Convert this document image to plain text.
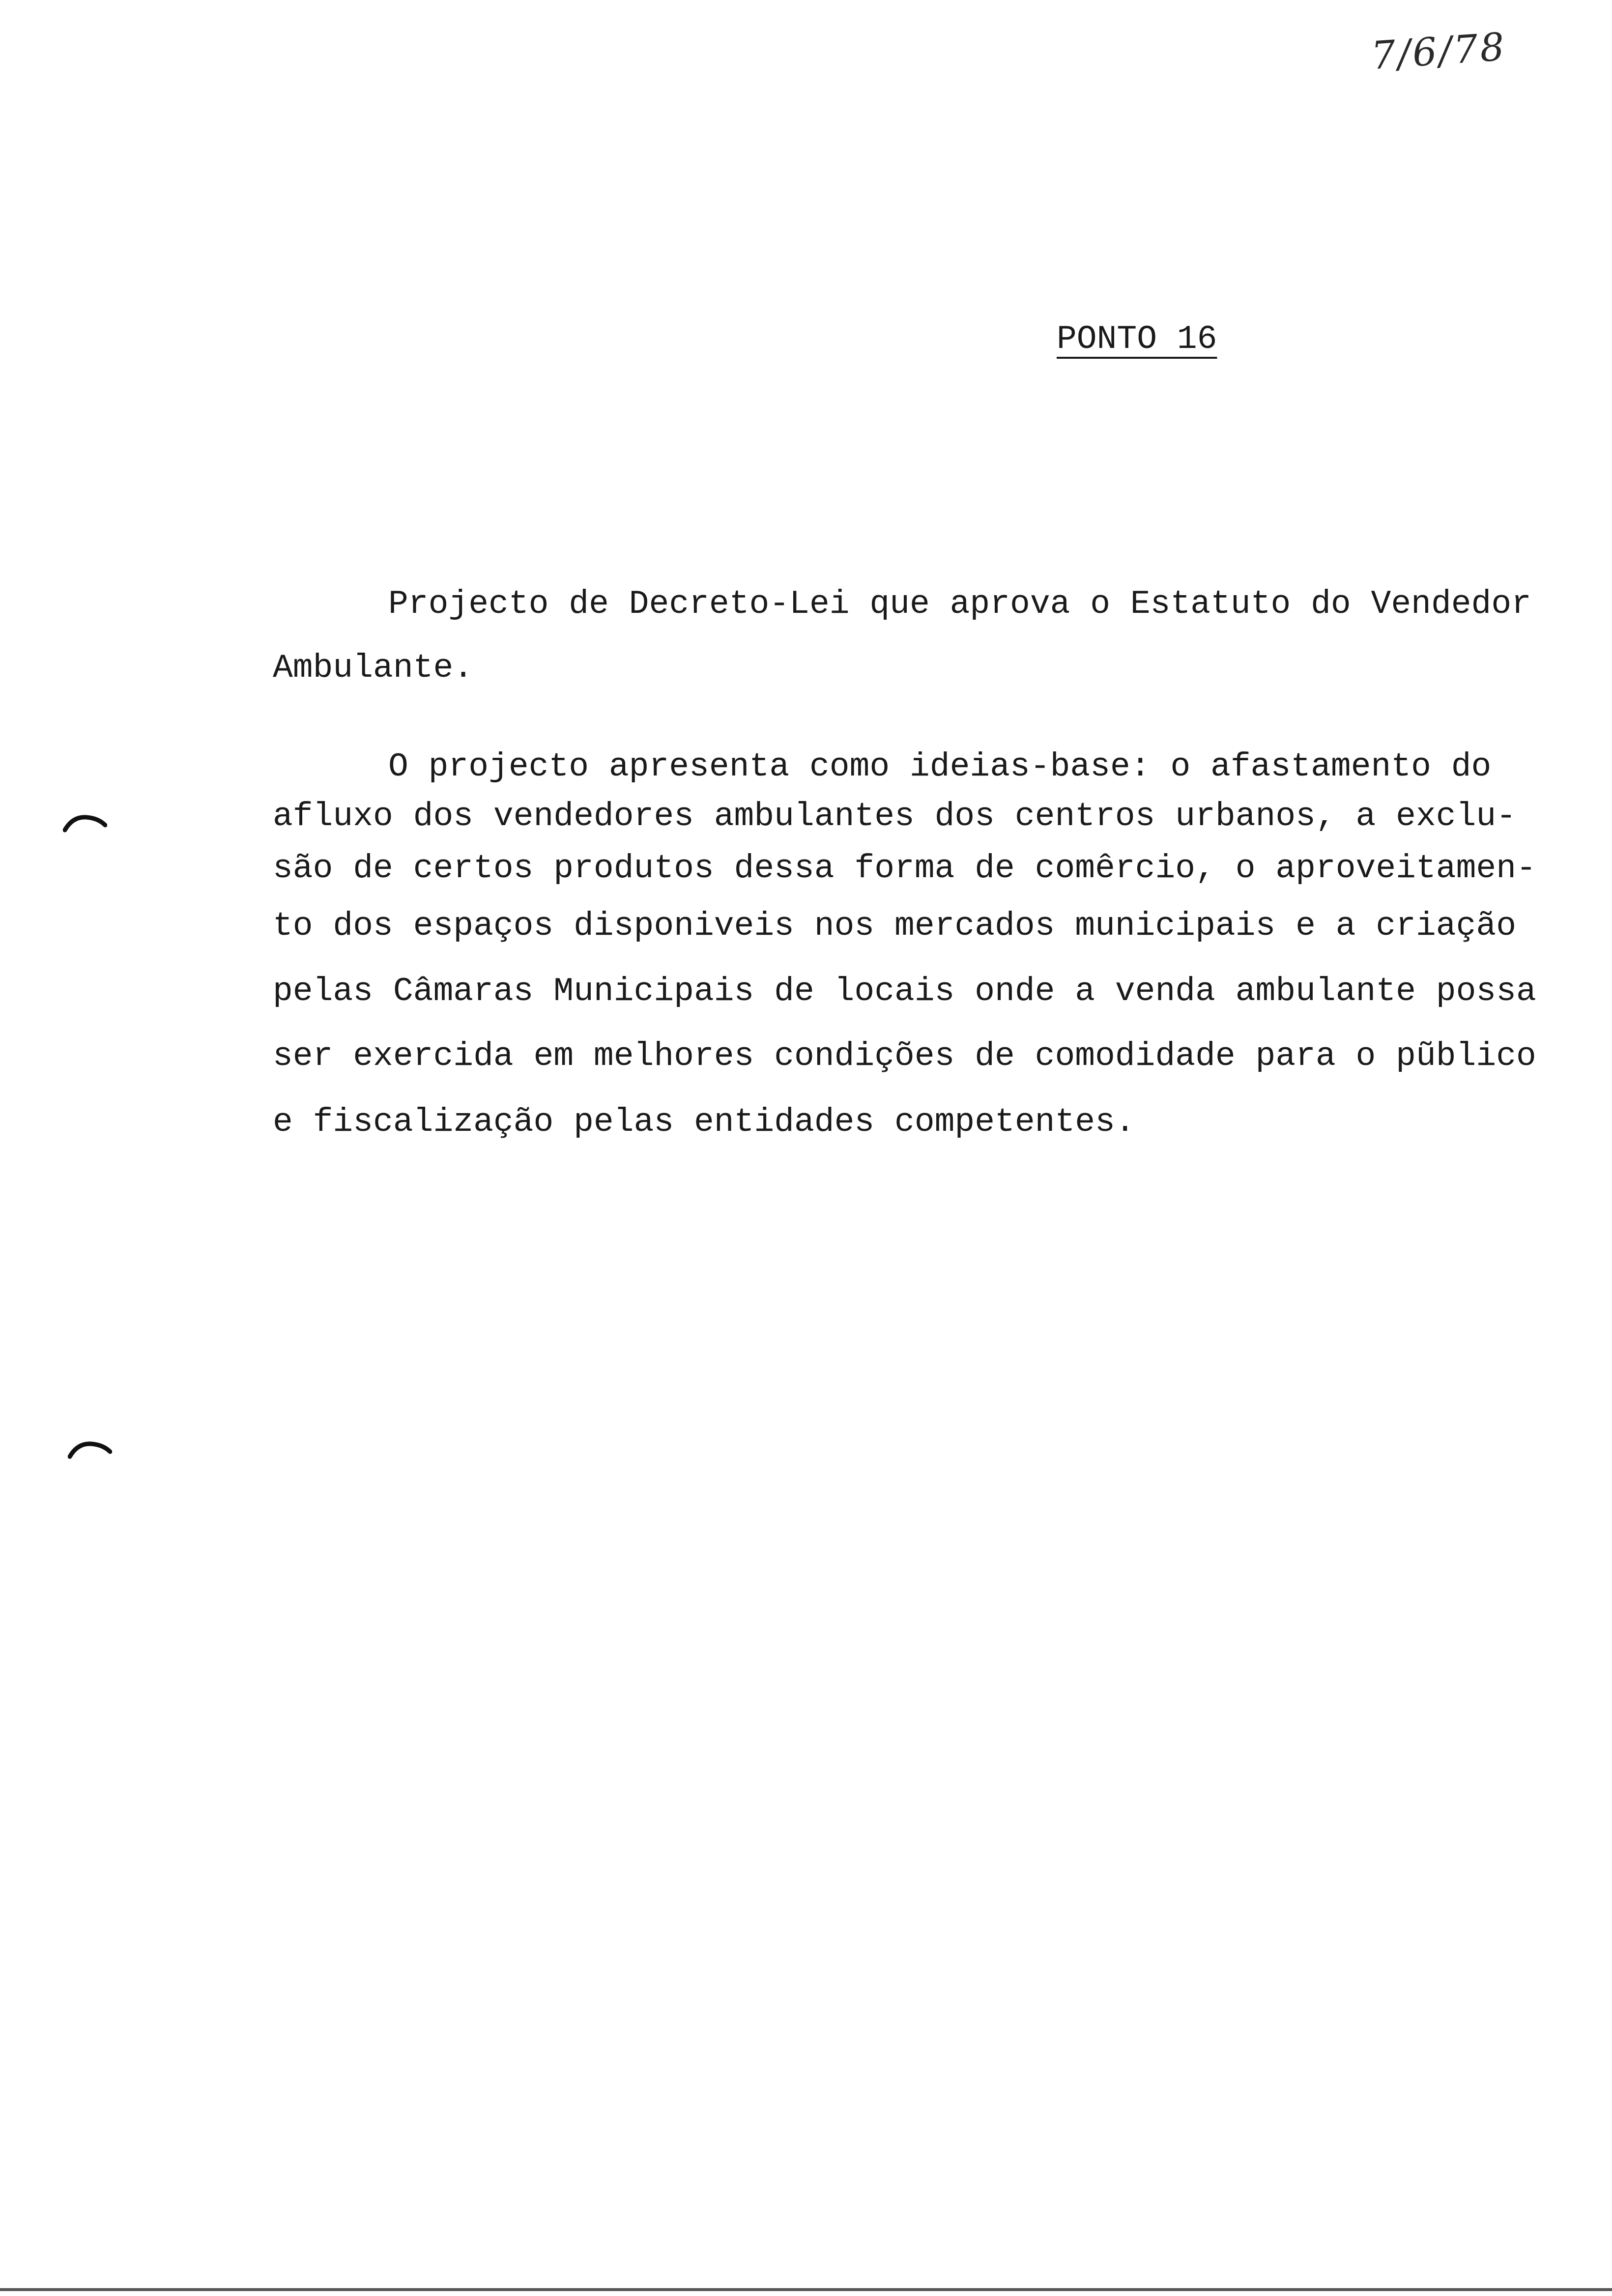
7/6/78
PONTO 16
Projecto de Decreto-Lei que aprova o Estatuto do Vendedor
Ambulante.
O projecto apresenta como ideias-base: o afastamento do
afluxo dos vendedores ambulantes dos centros urbanos, a exclu-
são de certos produtos dessa forma de comêrcio, o aproveitamen-
to dos espaços disponiveis nos mercados municipais e a criação
pelas Câmaras Municipais de locais onde a venda ambulante possa
ser exercida em melhores condições de comodidade para o pũblico
e fiscalização pelas entidades competentes.
